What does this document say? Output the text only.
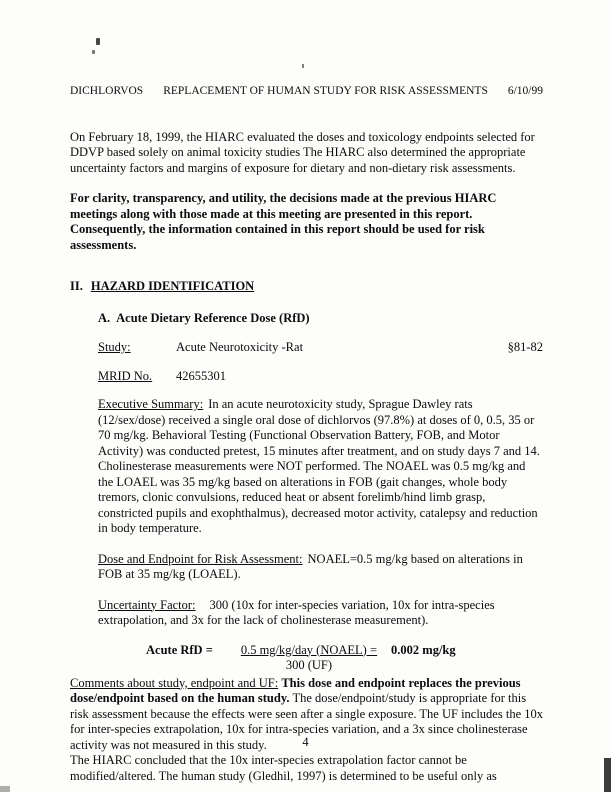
DICHLORVOS REPLACEMENT OF HUMAN STUDY FOR RISK ASSESSMENTS 6/10/99

On February 18, 1999, the HIARC evaluated the doses and toxicology endpoints selected for DDVP based solely on animal toxicity studies The HIARC also determined the appropriate uncertainty factors and margins of exposure for dietary and non-dietary risk assessments.

For clarity, transparency, and utility, the decisions made at the previous HIARC meetings along with those made at this meeting are presented in this report. Consequently, the information contained in this report should be used for risk assessments.

II. HAZARD IDENTIFICATION
A. Acute Dietary Reference Dose (RfD)
Study:	Acute Neurotoxicity -Rat	§81-82
MRID No.	42655301

Executive Summary: In an acute neurotoxicity study, Sprague Dawley rats (12/sex/dose) received a single oral dose of dichlorvos (97.8%) at doses of 0, 0.5, 35 or 70 mg/kg. Behavioral Testing (Functional Observation Battery, FOB, and Motor Activity) was conducted pretest, 15 minutes after treatment, and on study days 7 and 14. Cholinesterase measurements were NOT performed. The NOAEL was 0.5 mg/kg and the LOAEL was 35 mg/kg based on alterations in FOB (gait changes, whole body tremors, clonic convulsions, reduced heat or absent forelimb/hind limb grasp, constricted pupils and exophthalmus), decreased motor activity, catalepsy and reduction in body temperature.

Dose and Endpoint for Risk Assessment: NOAEL=0.5 mg/kg based on alterations in FOB at 35 mg/kg (LOAEL).

Uncertainty Factor: 300 (10x for inter-species variation, 10x for intra-species extrapolation, and 3x for the lack of cholinesterase measurement).

Acute RfD = $\frac{\text{0.5 mg/kg/day (NOAEL) =}}{300 (UF)} 0.002$ mg/kg

Comments about study, endpoint and UF: This dose and endpoint replaces the previous dose/endpoint based on the human study. The dose/endpoint/study is appropriate for this risk assessment because the effects were seen after a single exposure. The UF includes the 10x for inter-species extrapolation, 10x for intra-species variation, and a 3x since cholinesterase activity was not measured in this study.

The HIARC concluded that the 10x inter-species extrapolation factor cannot be modified/altered. The human study (Gledhil, 1997) is determined to be useful only as

4
